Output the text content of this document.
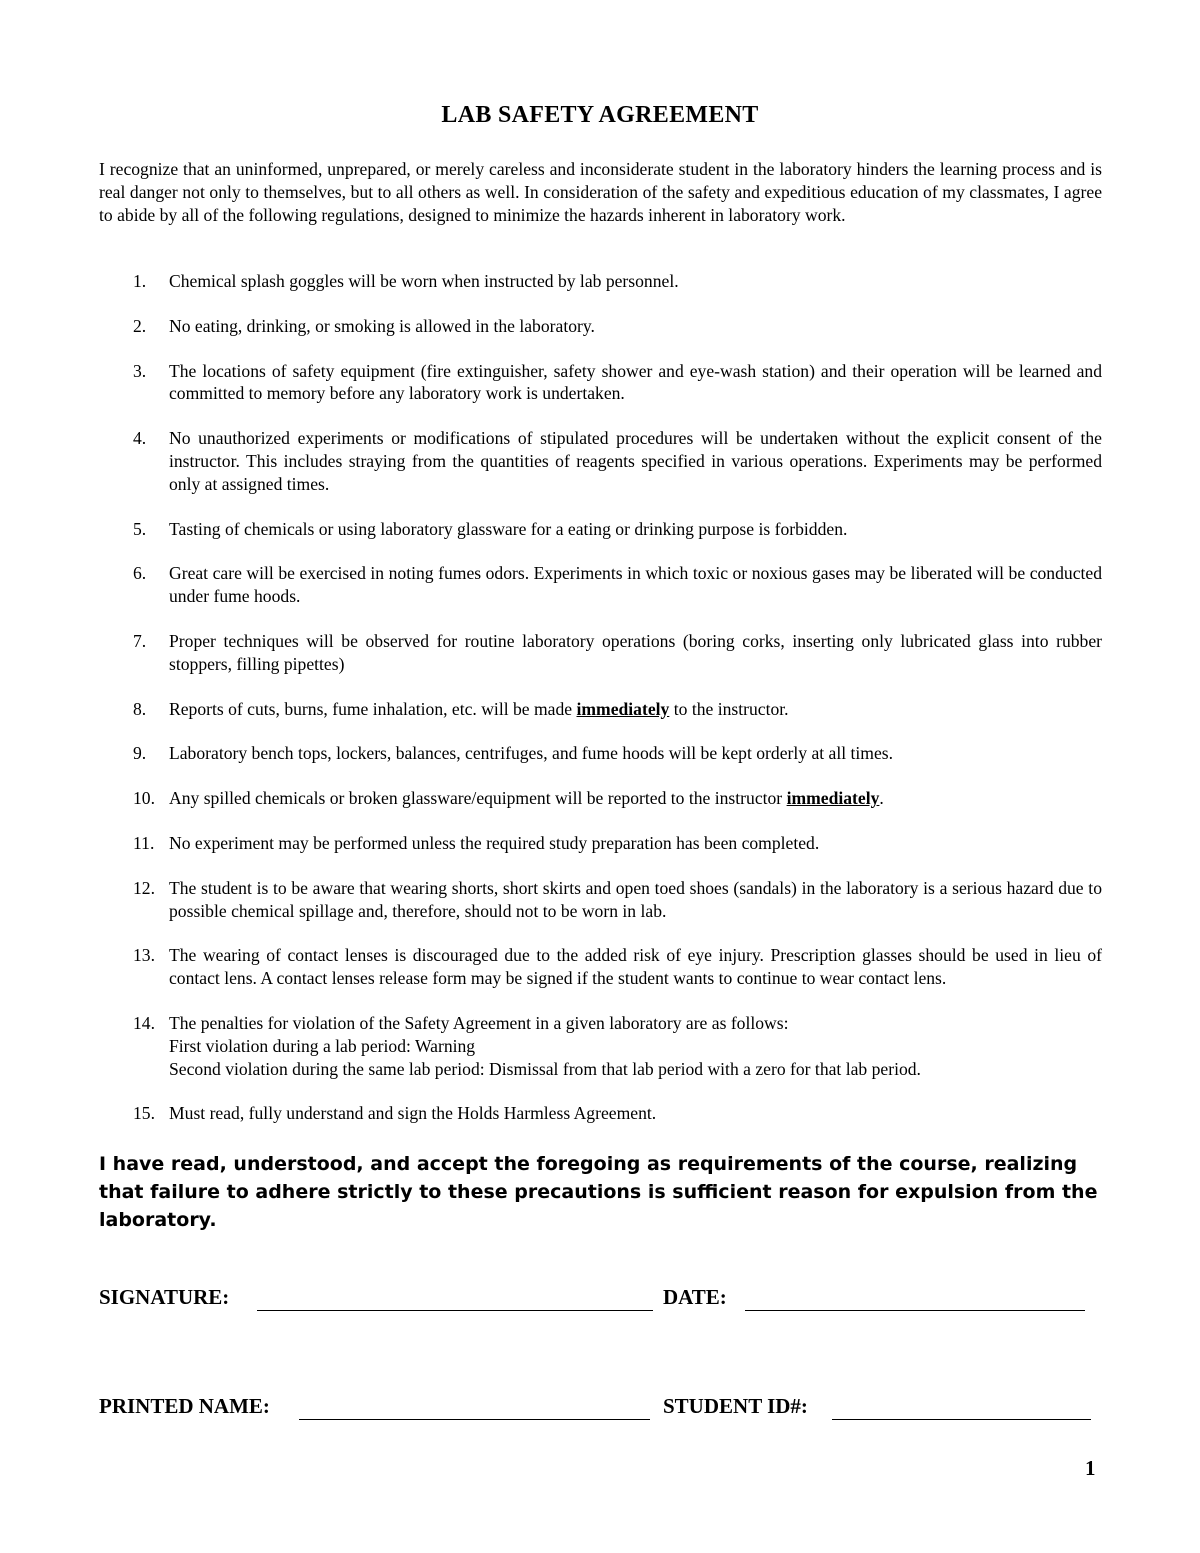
LAB SAFETY AGREEMENT

I recognize that an uninformed, unprepared, or merely careless and inconsiderate student in the laboratory hinders the learning process and is real danger not only to themselves, but to all others as well. In consideration of the safety and expeditious education of my classmates, I agree to abide by all of the following regulations, designed to minimize the hazards inherent in laboratory work.

1.	Chemical splash goggles will be worn when instructed by lab personnel.
2.	No eating, drinking, or smoking is allowed in the laboratory.
3.	The locations of safety equipment (fire extinguisher, safety shower and eye-wash station) and their operation will be learned and committed to memory before any laboratory work is undertaken.
4.	No unauthorized experiments or modifications of stipulated procedures will be undertaken without the explicit consent of the instructor. This includes straying from the quantities of reagents specified in various operations. Experiments may be performed only at assigned times.
5.	Tasting of chemicals or using laboratory glassware for a eating or drinking purpose is forbidden.
6.	Great care will be exercised in noting fumes odors. Experiments in which toxic or noxious gases may be liberated will be conducted under fume hoods.
7.	Proper techniques will be observed for routine laboratory operations (boring corks, inserting only lubricated glass into rubber stoppers, filling pipettes)
8.	Reports of cuts, burns, fume inhalation, etc. will be made immediately to the instructor.
9.	Laboratory bench tops, lockers, balances, centrifuges, and fume hoods will be kept orderly at all times.
10. Any spilled chemicals or broken glassware/equipment will be reported to the instructor immediately.
11. No experiment may be performed unless the required study preparation has been completed.
12. The student is to be aware that wearing shorts, short skirts and open toed shoes (sandals) in the laboratory is a serious hazard due to possible chemical spillage and, therefore, should not to be worn in lab.
13. The wearing of contact lenses is discouraged due to the added risk of eye injury. Prescription glasses should be used in lieu of contact lens. A contact lenses release form may be signed if the student wants to continue to wear contact lens.
14. The penalties for violation of the Safety Agreement in a given laboratory are as follows:
First violation during a lab period: Warning
Second violation during the same lab period: Dismissal from that lab period with a zero for that lab period.
15. Must read, fully understand and sign the Holds Harmless Agreement.

I have read, understood, and accept the foregoing as requirements of the course, realizing that failure to adhere strictly to these precautions is sufficient reason for expulsion from the laboratory.

SIGNATURE:	DATE:
PRINTED NAME:	STUDENT ID#:
1
